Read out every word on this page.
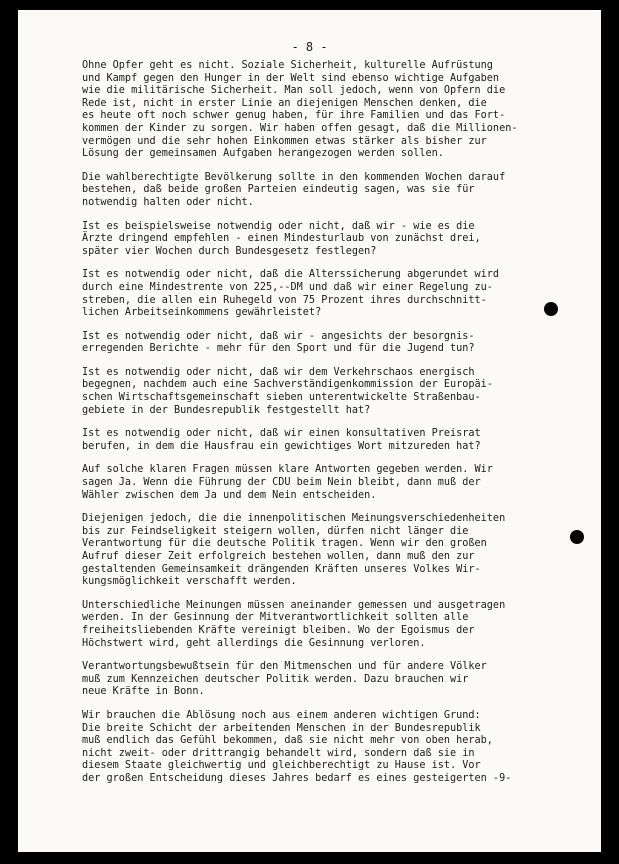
- 8 -
Ohne Opfer geht es nicht. Soziale Sicherheit, kulturelle Aufrüstung
und Kampf gegen den Hunger in der Welt sind ebenso wichtige Aufgaben
wie die militärische Sicherheit. Man soll jedoch, wenn von Opfern die
Rede ist, nicht in erster Linie an diejenigen Menschen denken, die
es heute oft noch schwer genug haben, für ihre Familien und das Fort-
kommen der Kinder zu sorgen. Wir haben offen gesagt, daß die Millionen-
vermögen und die sehr hohen Einkommen etwas stärker als bisher zur
Lösung der gemeinsamen Aufgaben herangezogen werden sollen.
Die wahlberechtigte Bevölkerung sollte in den kommenden Wochen darauf
bestehen, daß beide großen Parteien eindeutig sagen, was sie für
notwendig halten oder nicht.
Ist es beispielsweise notwendig oder nicht, daß wir - wie es die
Ärzte dringend empfehlen - einen Mindesturlaub von zunächst drei,
später vier Wochen durch Bundesgesetz festlegen?
Ist es notwendig oder nicht, daß die Alterssicherung abgerundet wird
durch eine Mindestrente von 225,--DM und daß wir einer Regelung zu-
streben, die allen ein Ruhegeld von 75 Prozent ihres durchschnitt-
lichen Arbeitseinkommens gewährleistet?
Ist es notwendig oder nicht, daß wir - angesichts der besorgnis-
erregenden Berichte - mehr für den Sport und für die Jugend tun?
Ist es notwendig oder nicht, daß wir dem Verkehrschaos energisch
begegnen, nachdem auch eine Sachverständigenkommission der Europäi-
schen Wirtschaftsgemeinschaft sieben unterentwickelte Straßenbau-
gebiete in der Bundesrepublik festgestellt hat?
Ist es notwendig oder nicht, daß wir einen konsultativen Preisrat
berufen, in dem die Hausfrau ein gewichtiges Wort mitzureden hat?
Auf solche klaren Fragen müssen klare Antworten gegeben werden. Wir
sagen Ja. Wenn die Führung der CDU beim Nein bleibt, dann muß der
Wähler zwischen dem Ja und dem Nein entscheiden.
Diejenigen jedoch, die die innenpolitischen Meinungsverschiedenheiten
bis zur Feindseligkeit steigern wollen, dürfen nicht länger die
Verantwortung für die deutsche Politik tragen. Wenn wir den großen
Aufruf dieser Zeit erfolgreich bestehen wollen, dann muß den zur
gestaltenden Gemeinsamkeit drängenden Kräften unseres Volkes Wir-
kungsmöglichkeit verschafft werden.
Unterschiedliche Meinungen müssen aneinander gemessen und ausgetragen
werden. In der Gesinnung der Mitverantwortlichkeit sollten alle
freiheitsliebenden Kräfte vereinigt bleiben. Wo der Egoismus der
Höchstwert wird, geht allerdings die Gesinnung verloren.
Verantwortungsbewußtsein für den Mitmenschen und für andere Völker
muß zum Kennzeichen deutscher Politik werden. Dazu brauchen wir
neue Kräfte in Bonn.
Wir brauchen die Ablösung noch aus einem anderen wichtigen Grund:
Die breite Schicht der arbeitenden Menschen in der Bundesrepublik
muß endlich das Gefühl bekommen, daß sie nicht mehr von oben herab,
nicht zweit- oder drittrangig behandelt wird, sondern daß sie in
diesem Staate gleichwertig und gleichberechtigt zu Hause ist. Vor
der großen Entscheidung dieses Jahres bedarf es eines gesteigerten -9-
